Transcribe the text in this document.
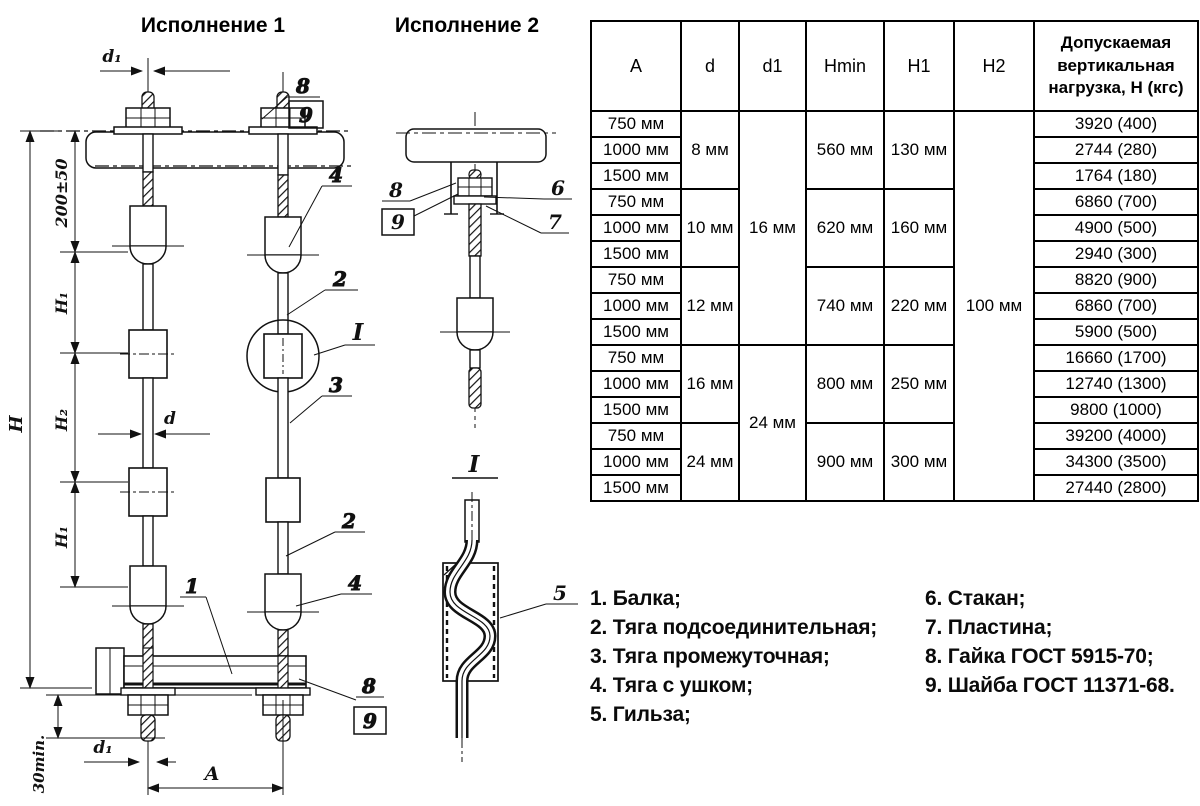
Исполнение 1	Исполнение 2
H
200±50
H₁
H₂
H₁
30min.
d₁
d
d₁
A
I
8
9
4
2
3
2
4
1
8
9
8
9
6
7
I
5
A	d	d1	Hmin	H1	H2	Допускаемая вертикальная нагрузка, Н (кгс)
750 мм	8 мм	16 мм	560 мм	130 мм	100 мм	3920 (400)
1000 мм						2744 (280)
1500 мм						1764 (180)
750 мм	10 мм		620 мм	160 мм		6860 (700)
1000 мм						4900 (500)
1500 мм						2940 (300)
750 мм	12 мм		740 мм	220 мм		8820 (900)
1000 мм						6860 (700)
1500 мм						5900 (500)
750 мм	16 мм	24 мм	800 мм	250 мм		16660 (1700)
1000 мм						12740 (1300)
1500 мм						9800 (1000)
750 мм	24 мм		900 мм	300 мм		39200 (4000)
1000 мм						34300 (3500)
1500 мм						27440 (2800)
1. Балка;
2. Тяга подсоединительная;
3. Тяга промежуточная;
4. Тяга с ушком;
5. Гильза;
6. Стакан;
7. Пластина;
8. Гайка ГОСТ 5915-70;
9. Шайба ГОСТ 11371-68.
